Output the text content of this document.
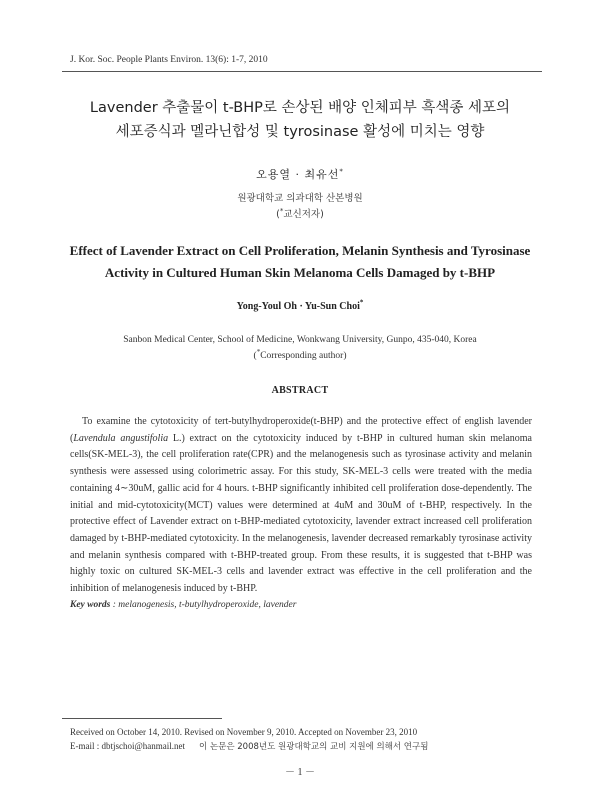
J. Kor. Soc. People Plants Environ. 13(6): 1-7, 2010
Lavender 추출물이 t-BHP로 손상된 배양 인체피부 흑색종 세포의
세포증식과 멜라닌합성 및 tyrosinase 활성에 미치는 영향
오용열 · 최유선*
원광대학교 의과대학 산본병원
(*교신저자)
Effect of Lavender Extract on Cell Proliferation, Melanin Synthesis and Tyrosinase
Activity in Cultured Human Skin Melanoma Cells Damaged by t-BHP
Yong-Youl Oh · Yu-Sun Choi*
Sanbon Medical Center, School of Medicine, Wonkwang University, Gunpo, 435-040, Korea
(*Corresponding author)
ABSTRACT
To examine the cytotoxicity of tert-butylhydroperoxide(t-BHP) and the protective effect of english lavender (Lavendula angustifolia L.) extract on the cytotoxicity induced by t-BHP in cultured human skin melanoma cells(SK-MEL-3), the cell proliferation rate(CPR) and the melanogenesis such as tyrosinase activity and melanin synthesis were assessed using colorimetric assay. For this study, SK-MEL-3 cells were treated with the media containing 4∼30uM, gallic acid for 4 hours. t-BHP significantly inhibited cell proliferation dose-dependently. The initial and mid-cytotoxicity(MCT) values were determined at 4uM and 30uM of t-BHP, respectively. In the protective effect of Lavender extract on t-BHP-mediated cytotoxicity, lavender extract increased cell proliferation damaged by t-BHP-mediated cytotoxicity. In the melanogenesis, lavender decreased remarkably tyrosinase activity and melanin synthesis compared with t-BHP-treated group. From these results, it is suggested that t-BHP was highly toxic on cultured SK-MEL-3 cells and lavender extract was effective in the cell proliferation and the inhibition of melanogenesis induced by t-BHP.
Key words : melanogenesis, t-butylhydroperoxide, lavender
Received on October 14, 2010. Revised on November 9, 2010. Accepted on November 23, 2010
E-mail : dbtjschoi@hanmail.net 이 논문은 2008년도 원광대학교의 교비 지원에 의해서 연구됨
－ 1 －
